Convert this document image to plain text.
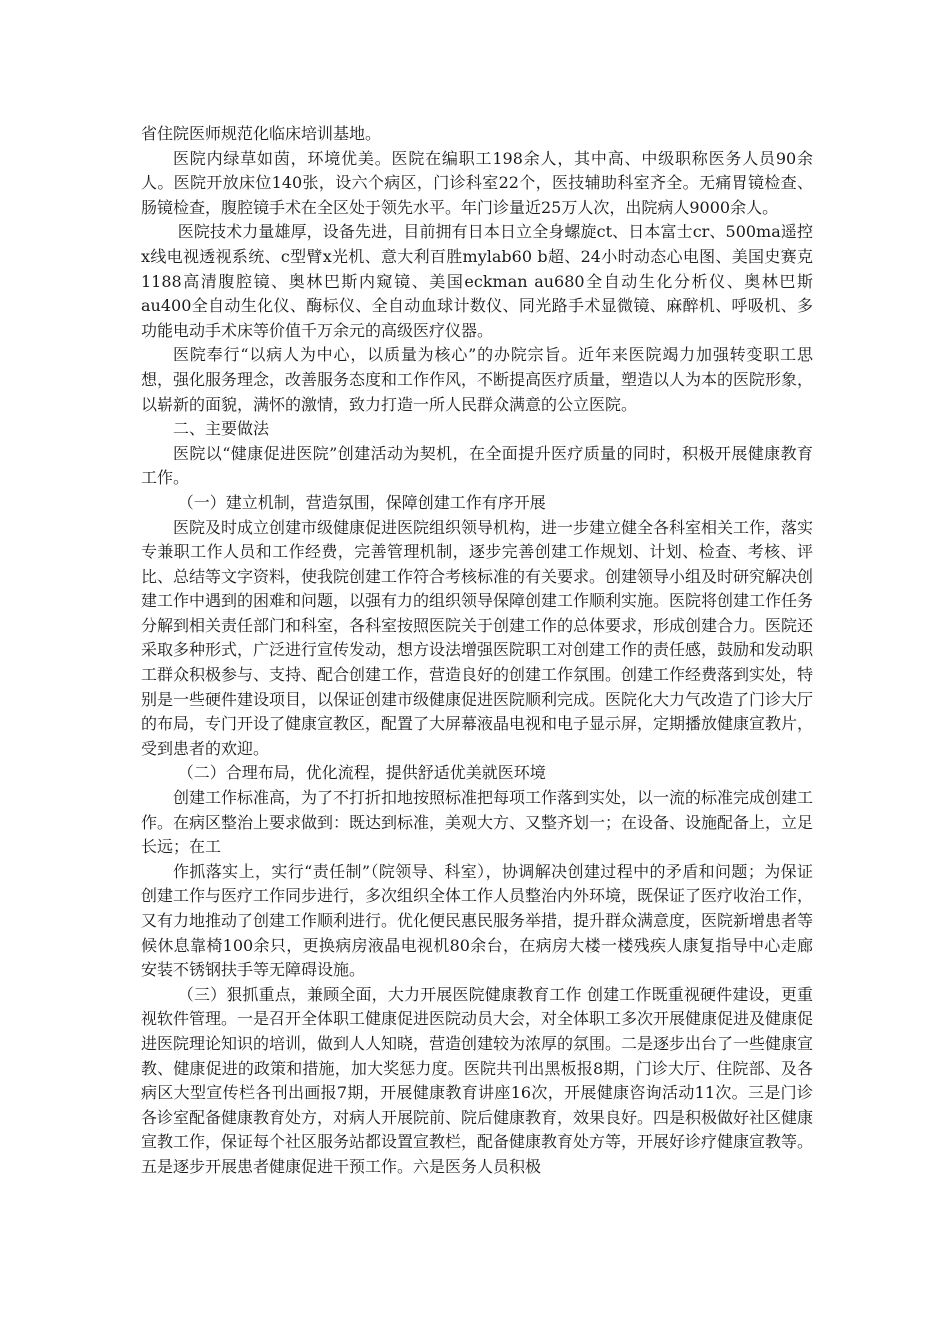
省住院医师规范化临床培训基地。

医院内绿草如茵，环境优美。医院在编职工198余人，其中高、中级职称医务人员90余人。医院开放床位140张，设六个病区，门诊科室22个，医技辅助科室齐全。无痛胃镜检查、肠镜检查，腹腔镜手术在全区处于领先水平。年门诊量近25万人次，出院病人9000余人。

医院技术力量雄厚，设备先进，目前拥有日本日立全身螺旋ct、日本富士cr、500ma遥控x线电视透视系统、c型臂x光机、意大利百胜mylab60 b超、24小时动态心电图、美国史赛克1188高清腹腔镜、奥林巴斯内窥镜、美国eckman au680全自动生化分析仪、奥林巴斯au400全自动生化仪、酶标仪、全自动血球计数仪、同光路手术显微镜、麻醉机、呼吸机、多功能电动手术床等价值千万余元的高级医疗仪器。

医院奉行“以病人为中心，以质量为核心”的办院宗旨。近年来医院竭力加强转变职工思想，强化服务理念，改善服务态度和工作作风，不断提高医疗质量，塑造以人为本的医院形象，以崭新的面貌，满怀的激情，致力打造一所人民群众满意的公立医院。

二、主要做法

医院以“健康促进医院”创建活动为契机，在全面提升医疗质量的同时，积极开展健康教育工作。

（一）建立机制，营造氛围，保障创建工作有序开展

医院及时成立创建市级健康促进医院组织领导机构，进一步建立健全各科室相关工作，落实专兼职工作人员和工作经费，完善管理机制，逐步完善创建工作规划、计划、检查、考核、评比、总结等文字资料，使我院创建工作符合考核标准的有关要求。创建领导小组及时研究解决创建工作中遇到的困难和问题，以强有力的组织领导保障创建工作顺利实施。医院将创建工作任务分解到相关责任部门和科室，各科室按照医院关于创建工作的总体要求，形成创建合力。医院还采取多种形式，广泛进行宣传发动，想方设法增强医院职工对创建工作的责任感，鼓励和发动职工群众积极参与、支持、配合创建工作，营造良好的创建工作氛围。创建工作经费落到实处，特别是一些硬件建设项目，以保证创建市级健康促进医院顺利完成。医院化大力气改造了门诊大厅的布局，专门开设了健康宣教区，配置了大屏幕液晶电视和电子显示屏，定期播放健康宣教片，受到患者的欢迎。

（二）合理布局，优化流程，提供舒适优美就医环境

创建工作标准高，为了不打折扣地按照标准把每项工作落到实处，以一流的标准完成创建工作。在病区整治上要求做到：既达到标准，美观大方、又整齐划一；在设备、设施配备上，立足长远；在工

作抓落实上，实行“责任制”（院领导、科室），协调解决创建过程中的矛盾和问题；为保证创建工作与医疗工作同步进行，多次组织全体工作人员整治内外环境，既保证了医疗收治工作，又有力地推动了创建工作顺利进行。优化便民惠民服务举措，提升群众满意度，医院新增患者等候休息靠椅100余只，更换病房液晶电视机80余台，在病房大楼一楼残疾人康复指导中心走廊安装不锈钢扶手等无障碍设施。

（三）狠抓重点，兼顾全面，大力开展医院健康教育工作 创建工作既重视硬件建设，更重视软件管理。一是召开全体职工健康促进医院动员大会，对全体职工多次开展健康促进及健康促进医院理论知识的培训，做到人人知晓，营造创建较为浓厚的氛围。二是逐步出台了一些健康宣教、健康促进的政策和措施，加大奖惩力度。医院共刊出黑板报8期，门诊大厅、住院部、及各病区大型宣传栏各刊出画报7期，开展健康教育讲座16次，开展健康咨询活动11次。三是门诊各诊室配备健康教育处方，对病人开展院前、院后健康教育，效果良好。四是积极做好社区健康宣教工作，保证每个社区服务站都设置宣教栏，配备健康教育处方等，开展好诊疗健康宣教等。五是逐步开展患者健康促进干预工作。六是医务人员积极
